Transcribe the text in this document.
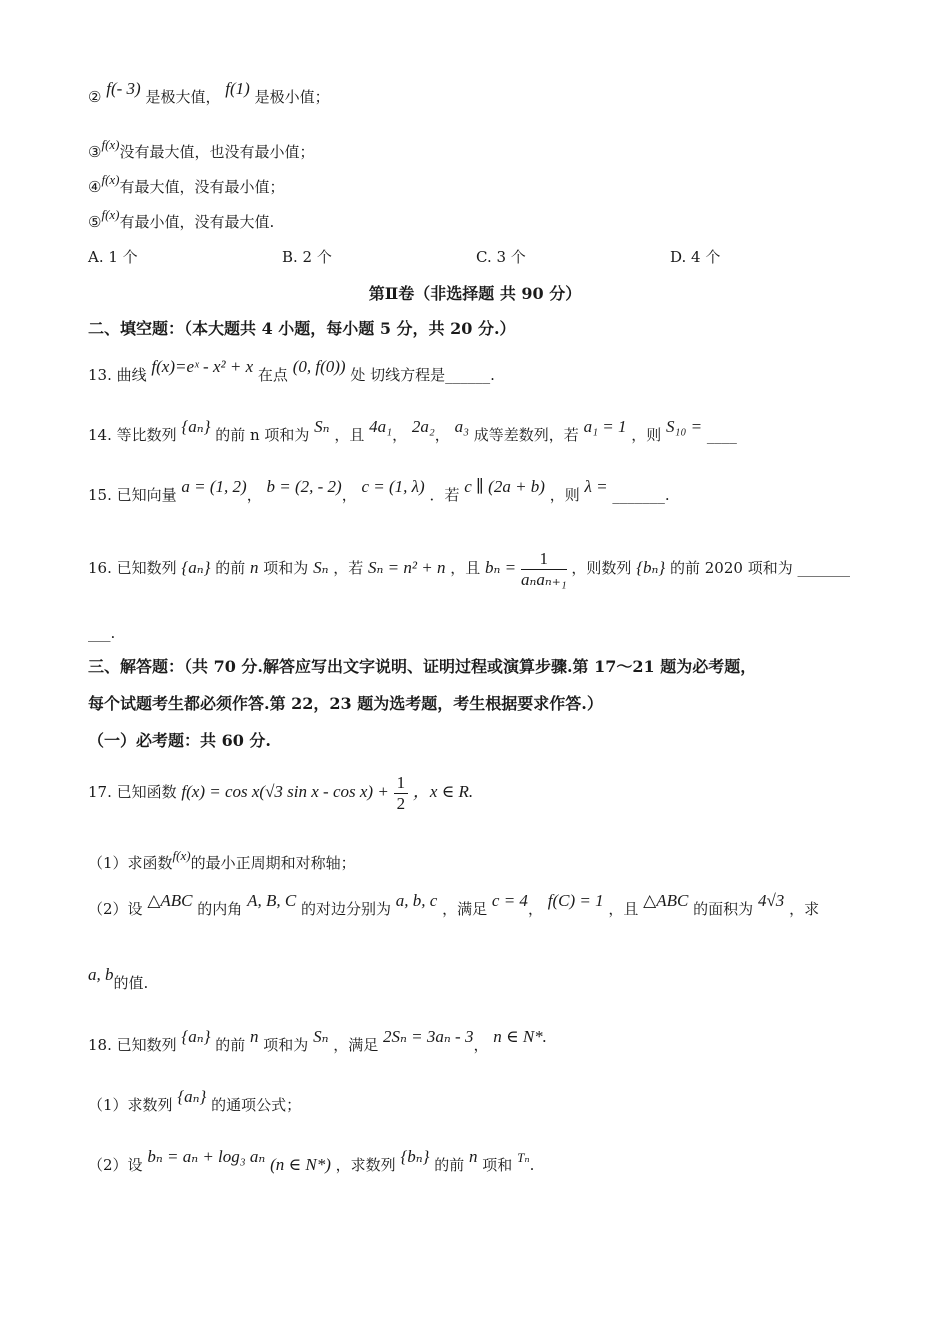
② f(- 3) 是极大值， f(1) 是极小值；
③f(x)没有最大值，也没有最小值；
④f(x)有最大值，没有最小值；
⑤f(x)有最小值，没有最大值.
A. 1 个	B. 2 个	C. 3 个	D. 4 个
第Ⅱ卷（非选择题 共 90 分）
二、填空题：（本大题共 4 小题，每小题 5 分，共 20 分.）
13. 曲线 f(x)=eˣ - x² + x 在点 (0, f(0)) 处 切线方程是______.
14. 等比数列 {aₙ} 的前 n 项和为 Sₙ ，且 4a₁， 2a₂， a₃ 成等差数列，若 a₁ = 1 ，则 S₁₀ = ____
15. 已知向量 a = (1, 2)， b = (2, - 2)， c = (1, λ) ．若 c ∥ (2a + b) ，则 λ = _______.
16. 已知数列 {aₙ} 的前 n 项和为 Sₙ ，若 Sₙ = n² + n ，且 $b_n = \frac{1}{\text{aₙaₙ₊₁}}$ ，则数列 {bₙ} 的前 2020 项和为 _______
___.
三、解答题：（共 70 分.解答应写出文字说明、证明过程或演算步骤.第 17～21 题为必考题，
每个试题考生都必须作答.第 22，23 题为选考题，考生根据要求作答.）
（一）必考题：共 60 分.
17. 已知函数 f(x) = cos x(√3 $\sin x - \cos x) + \frac{1}{2}$ ，x ∈ R.
（1）求函数f(x)的最小正周期和对称轴；
（2）设 △ABC 的内角 A, B, C 的对边分别为 a, b, c ，满足 c = 4， f(C) = 1 ，且 △ABC 的面积为 4√3 ，求
a, b的值.
18. 已知数列 {aₙ} 的前 n 项和为 Sₙ ，满足 2Sₙ = 3aₙ - 3， n ∈ N*.
（1）求数列 {aₙ} 的通项公式；
（2）设 bₙ = aₙ + log₃ aₙ (n ∈ N*) ，求数列 {bₙ} 的前 n 项和 Tₙ.
